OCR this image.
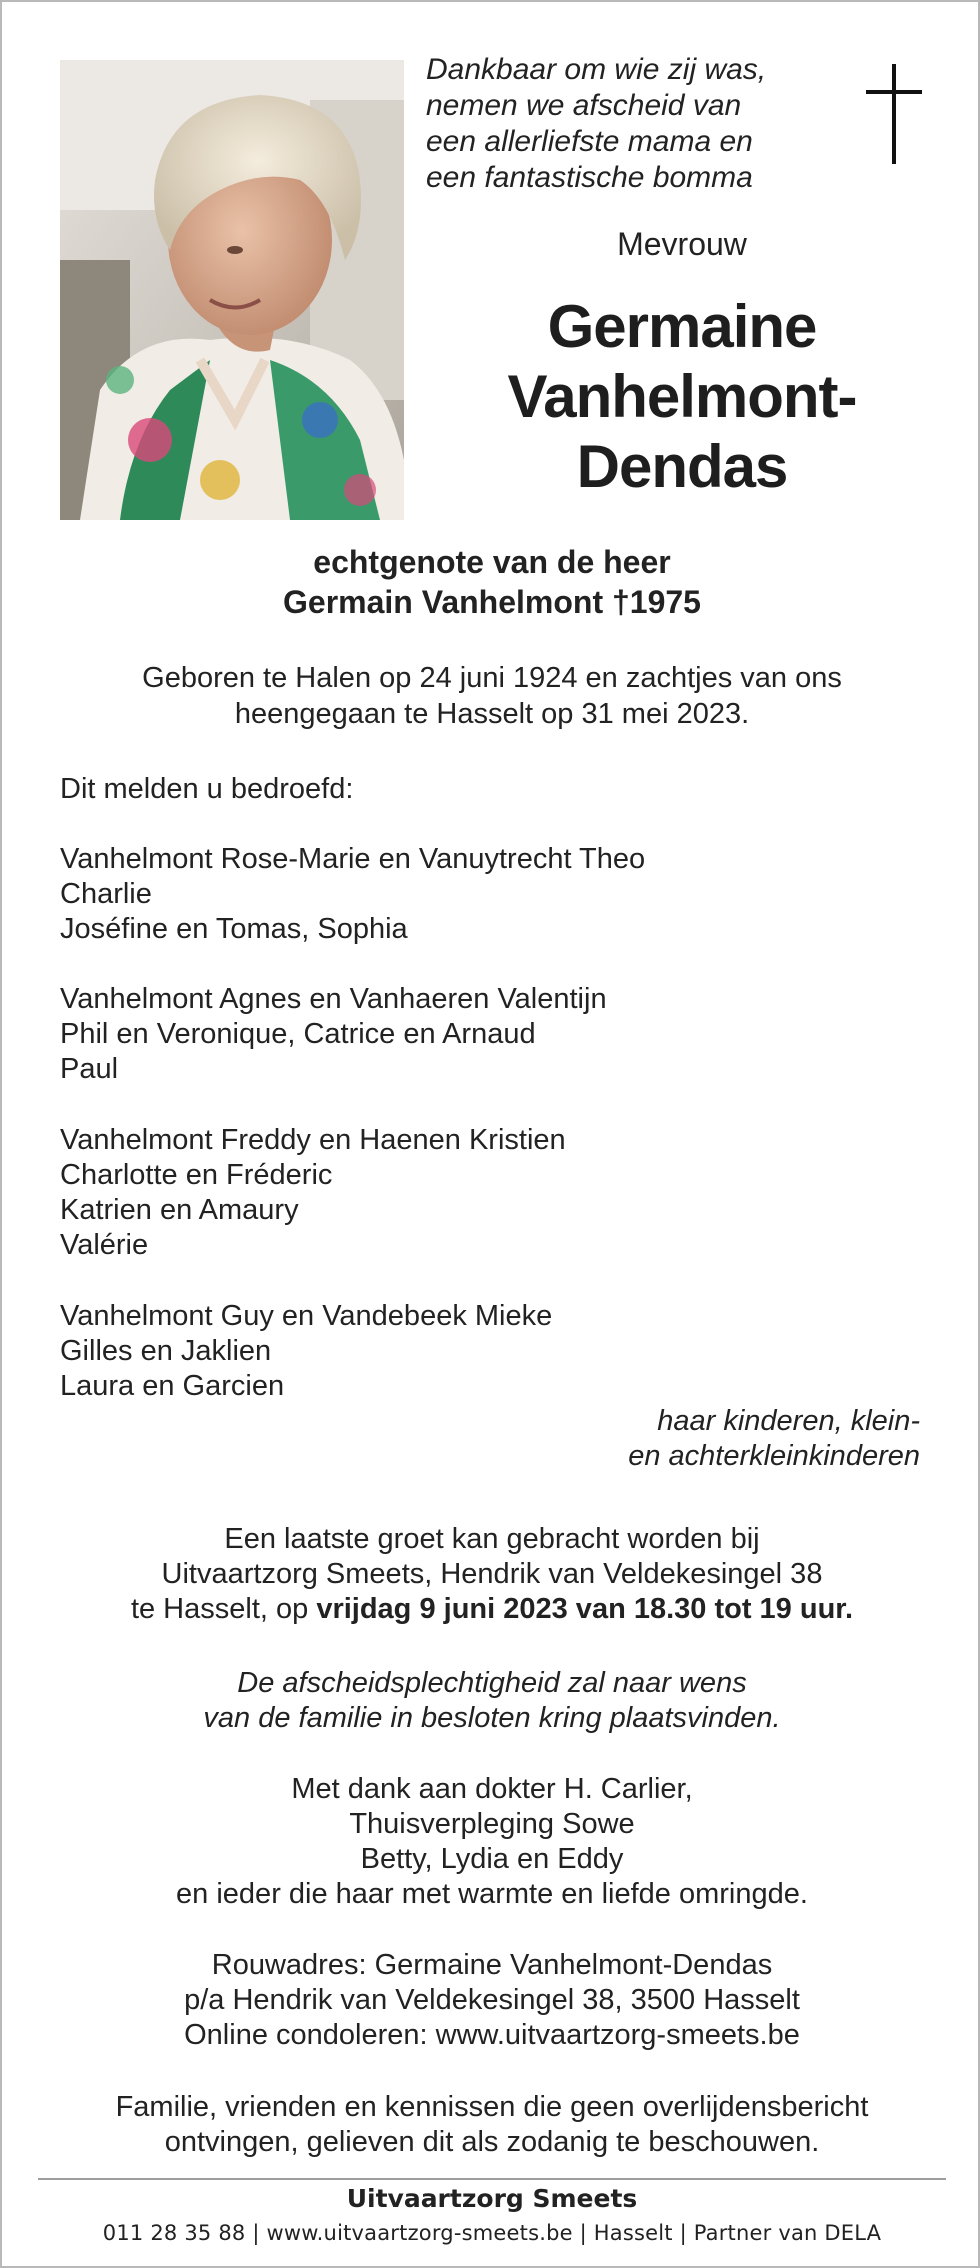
Dankbaar om wie zij was,
nemen we afscheid van
een allerliefste mama en
een fantastische bomma
Mevrouw
Germaine
Vanhelmont-
Dendas
echtgenote van de heer
Germain Vanhelmont †1975
Geboren te Halen op 24 juni 1924 en zachtjes van ons
heengegaan te Hasselt op 31 mei 2023.
Dit melden u bedroefd:
Vanhelmont Rose-Marie en Vanuytrecht Theo
Charlie
Joséfine en Tomas, Sophia
Vanhelmont Agnes en Vanhaeren Valentijn
Phil en Veronique, Catrice en Arnaud
Paul
Vanhelmont Freddy en Haenen Kristien
Charlotte en Fréderic
Katrien en Amaury
Valérie
Vanhelmont Guy en Vandebeek Mieke
Gilles en Jaklien
Laura en Garcien
haar kinderen, klein-
en achterkleinkinderen
Een laatste groet kan gebracht worden bij
Uitvaartzorg Smeets, Hendrik van Veldekesingel 38
te Hasselt, op vrijdag 9 juni 2023 van 18.30 tot 19 uur.
De afscheidsplechtigheid zal naar wens
van de familie in besloten kring plaatsvinden.
Met dank aan dokter H. Carlier,
Thuisverpleging Sowe
Betty, Lydia en Eddy
en ieder die haar met warmte en liefde omringde.
Rouwadres: Germaine Vanhelmont-Dendas
p/a Hendrik van Veldekesingel 38, 3500 Hasselt
Online condoleren: www.uitvaartzorg-smeets.be
Familie, vrienden en kennissen die geen overlijdensbericht
ontvingen, gelieven dit als zodanig te beschouwen.
Uitvaartzorg Smeets
011 28 35 88 | www.uitvaartzorg-smeets.be | Hasselt | Partner van DELA
